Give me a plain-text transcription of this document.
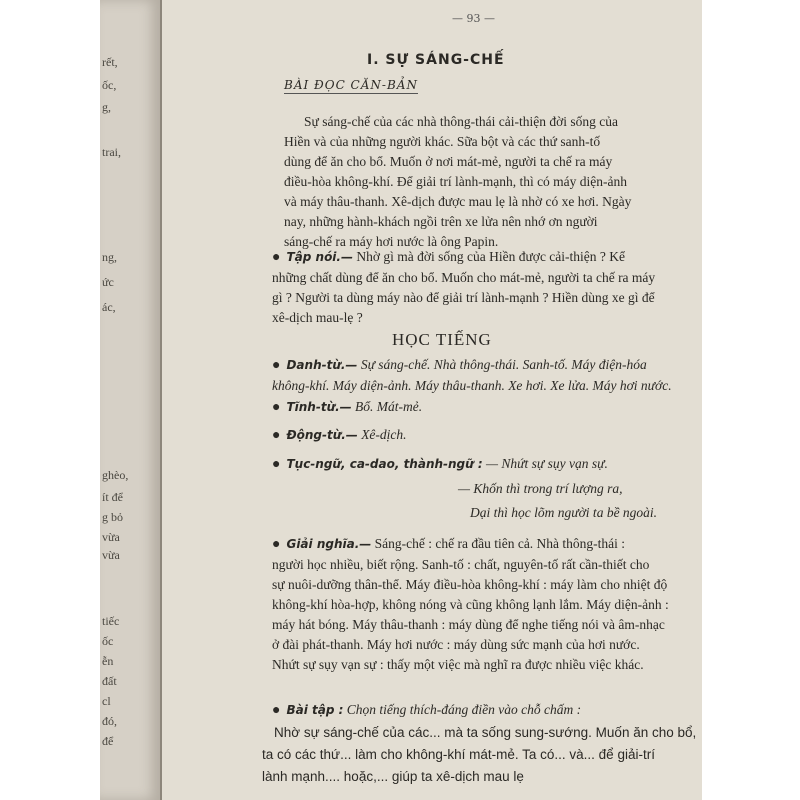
rết,
ốc,
g,
trai,
ng,
ức
ác,
ghèo,
ít để
g bỏ
vừa
vừa
tiếc
ốc
ễn
đất
cl
đó,
để
— 93 —
I. SỰ SÁNG-CHẾ
BÀI ĐỌC CĂN-BẢN
Sự sáng-chế của các nhà thông-thái cải-thiện đời sống của
Hiền và của những người khác. Sữa bột và các thứ sanh-tố
dùng để ăn cho bổ. Muốn ở nơi mát-mẻ, người ta chế ra máy
điều-hòa không-khí. Để giải trí lành-mạnh, thì có máy diện-ảnh
và máy thâu-thanh. Xê-dịch được mau lẹ là nhờ có xe hơi. Ngày
nay, những hành-khách ngồi trên xe lửa nên nhớ ơn người
sáng-chế ra máy hơi nước là ông Papin.
● Tập nói.— Nhờ gì mà đời sống của Hiền được cải-thiện ? Kể
những chất dùng để ăn cho bổ. Muốn cho mát-mẻ, người ta chế ra máy
gì ? Người ta dùng máy nào để giải trí lành-mạnh ? Hiền dùng xe gì để
xê-dịch mau-lẹ ?
HỌC TIẾNG
● Danh-từ.— Sự sáng-chế. Nhà thông-thái. Sanh-tố. Máy điện-hóa
không-khí. Máy diện-ảnh. Máy thâu-thanh. Xe hơi. Xe lửa. Máy hơi nước.
● Tĩnh-từ.— Bổ. Mát-mẻ.
● Động-từ.— Xê-dịch.
● Tục-ngữ, ca-dao, thành-ngữ : — Nhứt sự sụy vạn sự.
— Khốn thì trong trí lượng ra,
Dại thì học lõm người ta bề ngoài.
● Giải nghĩa.— Sáng-chế : chế ra đầu tiên cả. Nhà thông-thái :
người học nhiều, biết rộng. Sanh-tố : chất, nguyên-tố rất cần-thiết cho
sự nuôi-dưỡng thân-thể. Máy điều-hòa không-khí : máy làm cho nhiệt độ
không-khí hòa-hợp, không nóng và cũng không lạnh lắm. Máy diện-ảnh :
máy hát bóng. Máy thâu-thanh : máy dùng để nghe tiếng nói và âm-nhạc
ở đài phát-thanh. Máy hơi nước : máy dùng sức mạnh của hơi nước.
Nhứt sự sụy vạn sự : thấy một việc mà nghĩ ra được nhiều việc khác.
● Bài tập : Chọn tiếng thích-đáng điền vào chỗ chấm :
Nhờ sự sáng-chế của các... mà ta sống sung-sướng. Muốn ăn cho bổ,
ta có các thứ... làm cho không-khí mát-mẻ. Ta có... và... để giải-trí
lành mạnh.... hoặc,... giúp ta xê-dịch mau lẹ
